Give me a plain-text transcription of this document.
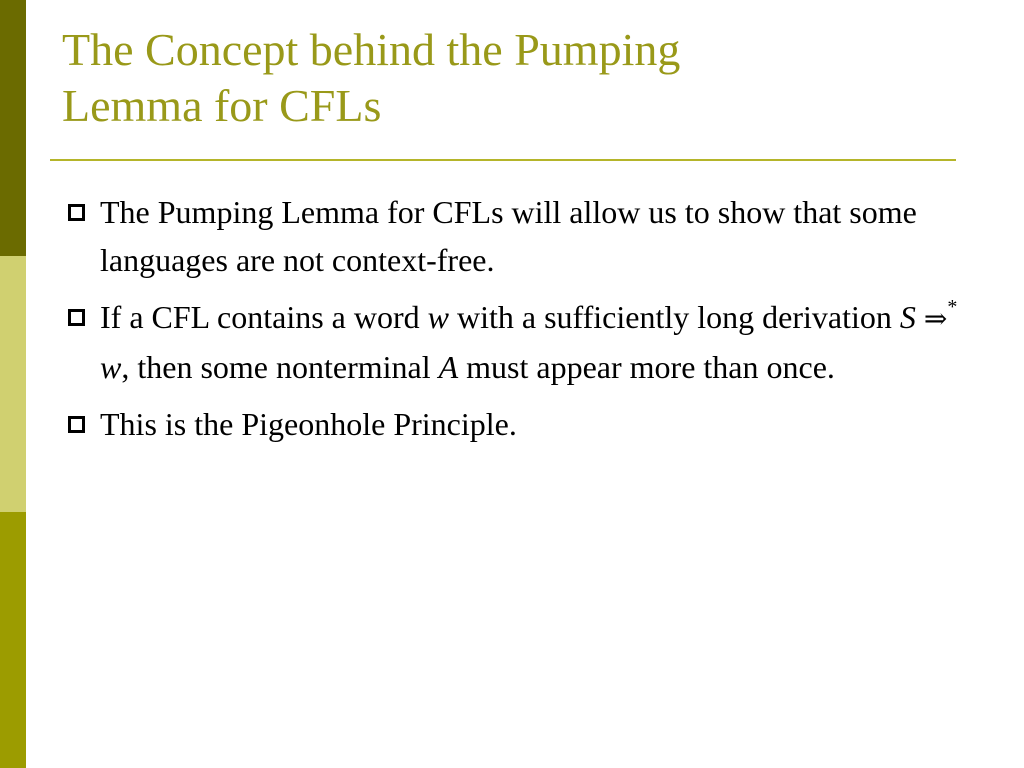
The Concept behind the Pumping
Lemma for CFLs
The Pumping Lemma for CFLs will allow us to show that some languages are not context-free.
If a CFL contains a word w with a sufficiently long derivation S ⇒* w, then some nonterminal A must appear more than once.
This is the Pigeonhole Principle.
